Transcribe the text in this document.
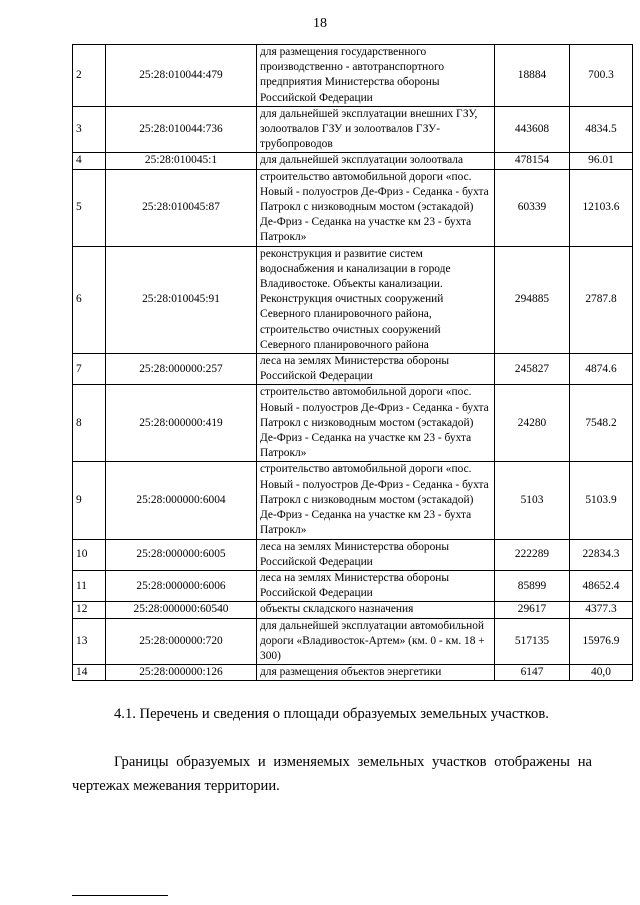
18
2	25:28:010044:479	для размещения государственного производственно - автотранспортного предприятия Министерства обороны Российской Федерации	18884	700.3
3	25:28:010044:736	для дальнейшей эксплуатации внешних ГЗУ, золоотвалов ГЗУ и золоотвалов ГЗУ-трубопроводов	443608	4834.5
4	25:28:010045:1	для дальнейшей эксплуатации золоотвала	478154	96.01
5	25:28:010045:87	строительство автомобильной дороги «пос. Новый - полуостров Де-Фриз - Седанка - бухта Патрокл с низководным мостом (эстакадой) Де-Фриз - Седанка на участке км 23 - бухта Патрокл»	60339	12103.6
6	25:28:010045:91	реконструкция и развитие систем водоснабжения и канализации в городе Владивостоке. Объекты канализации. Реконструкция очистных сооружений Северного планировочного района, строительство очистных сооружений Северного планировочного района	294885	2787.8
7	25:28:000000:257	леса на землях Министерства обороны Российской Федерации	245827	4874.6
8	25:28:000000:419	строительство автомобильной дороги «пос. Новый - полуостров Де-Фриз - Седанка - бухта Патрокл с низководным мостом (эстакадой) Де-Фриз - Седанка на участке км 23 - бухта Патрокл»	24280	7548.2
9	25:28:000000:6004	строительство автомобильной дороги «пос. Новый - полуостров Де-Фриз - Седанка - бухта Патрокл с низководным мостом (эстакадой) Де-Фриз - Седанка на участке км 23 - бухта Патрокл»	5103	5103.9
10	25:28:000000:6005	леса на землях Министерства обороны Российской Федерации	222289	22834.3
11	25:28:000000:6006	леса на землях Министерства обороны Российской Федерации	85899	48652.4
12	25:28:000000:60540	объекты складского назначения	29617	4377.3
13	25:28:000000:720	для дальнейшей эксплуатации автомобильной дороги «Владивосток-Артем» (км. 0 - км. 18 + 300)	517135	15976.9
14	25:28:000000:126	для размещения объектов энергетики	6147	40,0

4.1. Перечень и сведения о площади образуемых земельных участков.

Границы образуемых и изменяемых земельных участков отображены на чертежах межевания территории.
